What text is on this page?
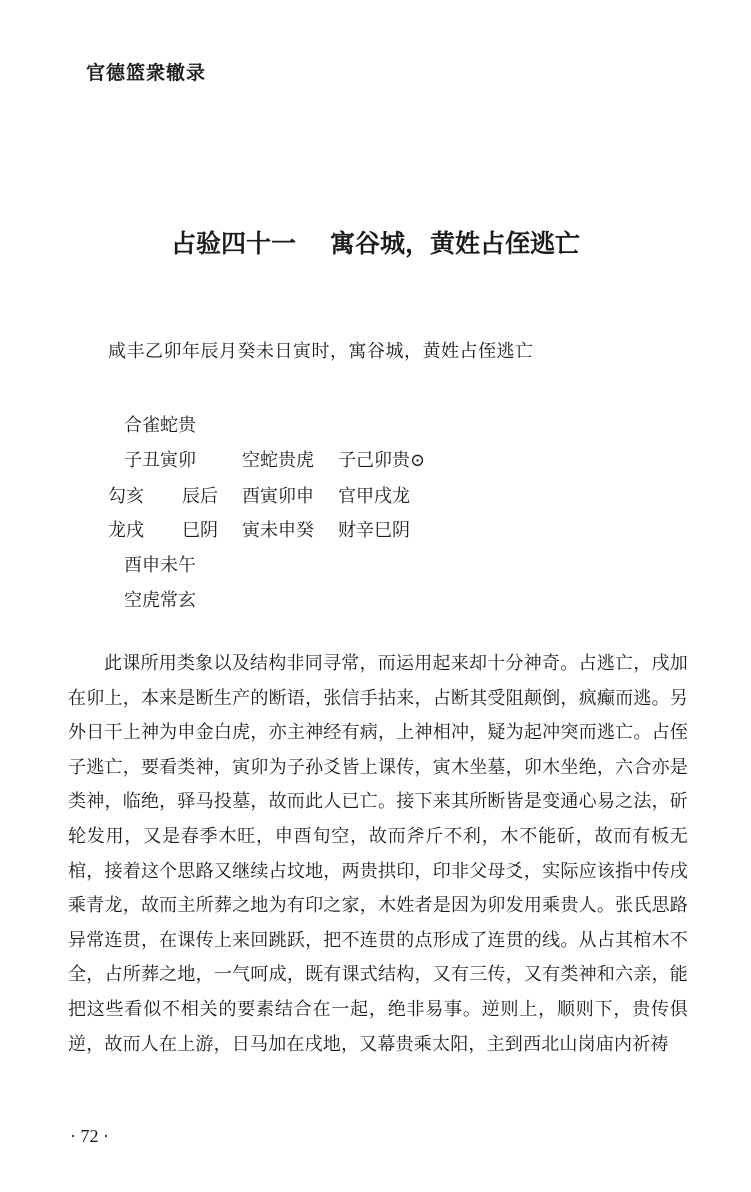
官德篮衆辙录
占验四十一 寓谷城，黄姓占侄逃亡
咸丰乙卯年辰月癸未日寅时，寓谷城，黄姓占侄逃亡
合雀蛇贵
子丑寅卯	空蛇贵虎 子己卯贵⊙
勾亥 辰后 酉寅卯申 官甲戌龙
龙戌 巳阴 寅未申癸 财辛巳阴
酉申未午
空虎常玄
此课所用类象以及结构非同寻常，而运用起来却十分神奇。占逃亡，戌加在卯上，本来是断生产的断语，张信手拈来，占断其受阻颠倒，疯癫而逃。另外日干上神为申金白虎，亦主神经有病，上神相冲，疑为起冲突而逃亡。占侄子逃亡，要看类神，寅卯为子孙爻皆上课传，寅木坐墓，卯木坐绝，六合亦是类神，临绝，驿马投墓，故而此人已亡。接下来其所断皆是变通心易之法，斫轮发用，又是春季木旺，申酉旬空，故而斧斤不利，木不能斫，故而有板无棺，接着这个思路又继续占坟地，两贵拱印，印非父母爻，实际应该指中传戌乘青龙，故而主所葬之地为有印之家，木姓者是因为卯发用乘贵人。张氏思路异常连贯，在课传上来回跳跃，把不连贯的点形成了连贯的线。从占其棺木不全，占所葬之地，一气呵成，既有课式结构，又有三传，又有类神和六亲，能把这些看似不相关的要素结合在一起，绝非易事。逆则上，顺则下，贵传俱逆，故而人在上游，日马加在戌地，又幕贵乘太阳，主到西北山岗庙内祈祷
· 72 ·
